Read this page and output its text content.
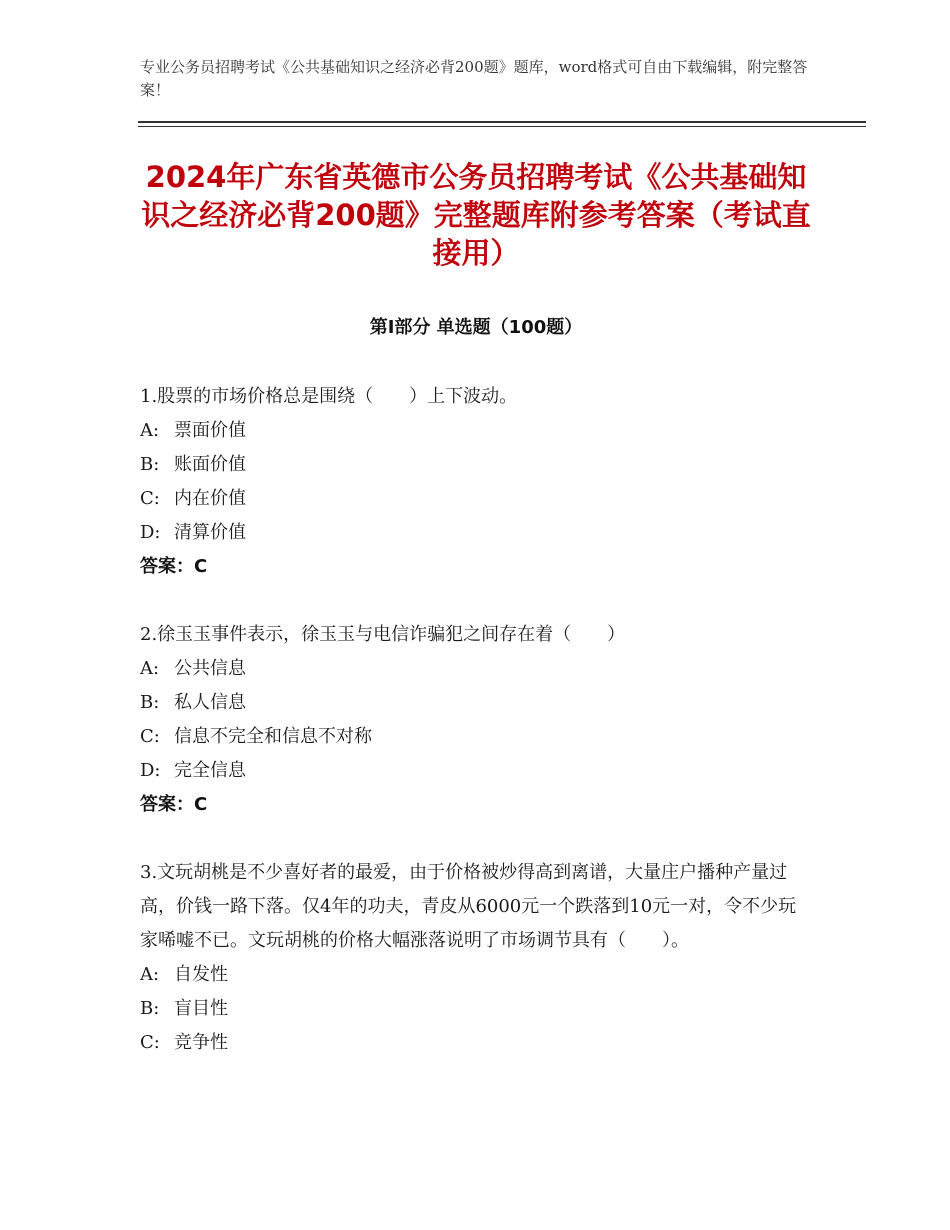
专业公务员招聘考试《公共基础知识之经济必背200题》题库，word格式可自由下载编辑，附完整答案！
2024年广东省英德市公务员招聘考试《公共基础知识之经济必背200题》完整题库附参考答案（考试直接用）
第Ⅰ部分 单选题（100题）
1.股票的市场价格总是围绕（　　）上下波动。
A: 票面价值
B: 账面价值
C: 内在价值
D: 清算价值
答案：C
2.徐玉玉事件表示，徐玉玉与电信诈骗犯之间存在着（　　）
A: 公共信息
B: 私人信息
C: 信息不完全和信息不对称
D: 完全信息
答案：C
3.文玩胡桃是不少喜好者的最爱，由于价格被炒得高到离谱，大量庄户播种产量过高，价钱一路下落。仅4年的功夫，青皮从6000元一个跌落到10元一对，令不少玩家唏嘘不已。文玩胡桃的价格大幅涨落说明了市场调节具有（　　）。
A: 自发性
B: 盲目性
C: 竞争性
